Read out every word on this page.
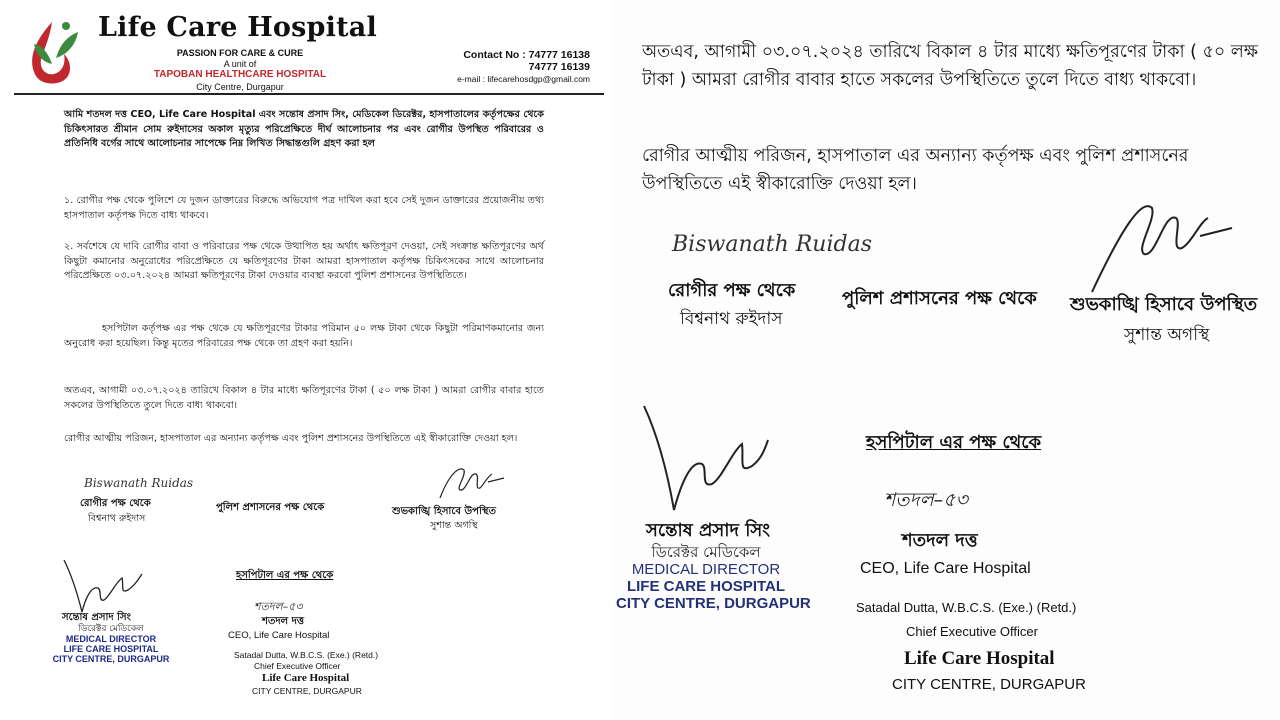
Life Care Hospital
PASSION FOR CARE & CURE
A unit of
TAPOBAN HEALTHCARE HOSPITAL
City Centre, Durgapur
Contact No : 74777 16138
74777 16139
e-mail : lifecarehosdgp@gmail.com
আমি শতদল দত্ত CEO, Life Care Hospital এবং সন্তোষ প্রসাদ সিং, মেডিকেল ডিরেক্টর, হাসপাতালের কর্তৃপক্ষের থেকে চিকিৎসারত শ্রীমান সোম রুইদাসের অকাল মৃত্যুর পরিপ্রেক্ষিতে দীর্ঘ আলোচনার পর এবং রোগীর উপস্থিত পরিবারের ও প্রতিনিধি বর্গের সাথে আলোচনার সাপেক্ষে নিম্ন লিখিত সিদ্ধান্তগুলি গ্রহণ করা হল
১. রোগীর পক্ষ থেকে পুলিশে যে দুজন ডাক্তারের বিরুদ্ধে অভিযোগ পত্র দাখিল করা হবে সেই দুজন ডাক্তারের প্রয়োজনীয় তথ্য হাসপাতাল কর্তৃপক্ষ দিতে বাধ্য থাকবে।
২. সর্বশেষে যে দাবি রোগীর বাবা ও পরিবারের পক্ষ থেকে উত্থাপিত হয় অর্থাৎ ক্ষতিপূরণ দেওয়া, সেই সংক্রান্ত ক্ষতিপূরণের অর্থ কিছুটা কমানোর অনুরোধের পরিপ্রেক্ষিতে যে ক্ষতিপূরণের টাকা আমরা হাসপাতাল কর্তৃপক্ষ চিকিৎসকের সাথে আলোচনার পরিপ্রেক্ষিতে ০৩.০৭.২০২৪ আমরা ক্ষতিপূরণের টাকা দেওয়ার ব্যবস্থা করবো পুলিশ প্রশাসনের উপস্থিতিতে।
হসপিটাল কর্তৃপক্ষ এর পক্ষ থেকে যে ক্ষতিপূরণের টাকার পরিমান ৫০ লক্ষ টাকা থেকে কিছুটা পরিমাণকমানোর জন্য অনুরোধ করা হয়েছিল। কিন্তু মৃতের পরিবারের পক্ষ থেকে তা গ্রহণ করা হয়নি।
অতএব, আগামী ০৩.০৭.২০২৪ তারিখে বিকাল ৪ টার মাধ্যে ক্ষতিপূরণের টাকা ( ৫০ লক্ষ টাকা ) আমরা রোগীর বাবার হাতে সকলের উপস্থিতিতে তুলে দিতে বাধ্য থাকবো।
রোগীর আত্মীয় পরিজন, হাসপাতাল এর অন্যান্য কর্তৃপক্ষ এবং পুলিশ প্রশাসনের উপস্থিতিতে এই স্বীকারোক্তি দেওয়া হল।
Biswanath Ruidas
রোগীর পক্ষ থেকে
বিশ্বনাথ রুইদাস
পুলিশ প্রশাসনের পক্ষ থেকে	শুভকাঙ্খি হিসাবে উপস্থিত
সুশান্ত অগস্থি
হসপিটাল এর পক্ষ থেকে
সন্তোষ প্রসাদ সিং
ডিরেক্টর মেডিকেল
MEDICAL DIRECTOR
LIFE CARE HOSPITAL
CITY CENTRE, DURGAPUR
শতদল–৫৩
শতদল দত্ত
CEO, Life Care Hospital
Satadal Dutta, W.B.C.S. (Exe.) (Retd.)
Chief Executive Officer
Life Care Hospital
CITY CENTRE, DURGAPUR
অতএব, আগামী ০৩.০৭.২০২৪ তারিখে বিকাল ৪ টার মাধ্যে ক্ষতিপূরণের টাকা ( ৫০ লক্ষ টাকা ) আমরা রোগীর বাবার হাতে সকলের উপস্থিতিতে তুলে দিতে বাধ্য থাকবো।
রোগীর আত্মীয় পরিজন, হাসপাতাল এর অন্যান্য কর্তৃপক্ষ এবং পুলিশ প্রশাসনের উপস্থিতিতে এই স্বীকারোক্তি দেওয়া হল।
Biswanath Ruidas
রোগীর পক্ষ থেকে
বিশ্বনাথ রুইদাস
পুলিশ প্রশাসনের পক্ষ থেকে শুভকাঙ্খি হিসাবে উপস্থিত
সুশান্ত অগস্থি
হসপিটাল এর পক্ষ থেকে
সন্তোষ প্রসাদ সিং
ডিরেক্টর মেডিকেল
MEDICAL DIRECTOR
LIFE CARE HOSPITAL
CITY CENTRE, DURGAPUR
শতদল–৫৩
শতদল দত্ত
CEO, Life Care Hospital
Satadal Dutta, W.B.C.S. (Exe.) (Retd.)
Chief Executive Officer
Life Care Hospital
CITY CENTRE, DURGAPUR
